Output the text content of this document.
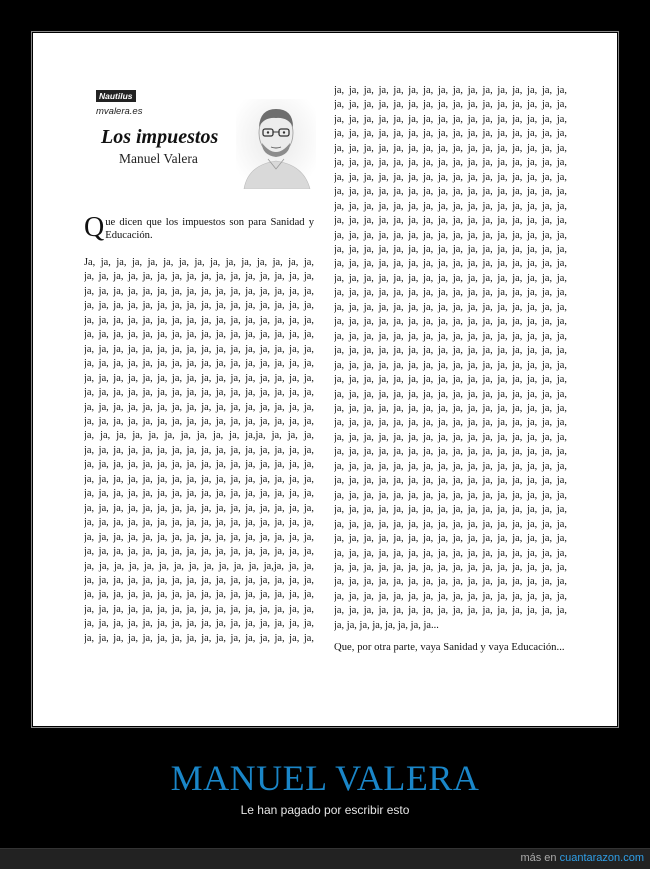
Nautilus
mvalera.es
Los impuestos
Manuel Valera
Que dicen que los impuestos son para Sanidad y Educación.
Ja, ja, ja, ja, ja, ja, ja, ja, ja, ja, ja, ja, ja, ja, ja,
ja, ja, ja, ja, ja, ja, ja, ja, ja, ja, ja, ja, ja, ja, ja, ja,
ja, ja, ja, ja, ja, ja, ja, ja, ja, ja, ja, ja, ja, ja, ja, ja,
ja, ja, ja, ja, ja, ja, ja, ja, ja, ja, ja, ja, ja, ja, ja, ja,
ja, ja, ja, ja, ja, ja, ja, ja, ja, ja, ja, ja, ja, ja, ja, ja,
ja, ja, ja, ja, ja, ja, ja, ja, ja, ja, ja, ja, ja, ja, ja, ja,
ja, ja, ja, ja, ja, ja, ja, ja, ja, ja, ja, ja, ja, ja, ja, ja,
ja, ja, ja, ja, ja, ja, ja, ja, ja, ja, ja, ja, ja, ja, ja, ja,
ja, ja, ja, ja, ja, ja, ja, ja, ja, ja, ja, ja, ja, ja, ja, ja,
ja, ja, ja, ja, ja, ja, ja, ja, ja, ja, ja, ja, ja, ja, ja, ja,
ja, ja, ja, ja, ja, ja, ja, ja, ja, ja, ja, ja, ja, ja, ja, ja,
ja, ja, ja, ja, ja, ja, ja, ja, ja, ja, ja, ja, ja, ja, ja, ja,
ja, ja, ja, ja, ja, ja, ja, ja, ja, ja, ja,ja, ja, ja, ja,
ja, ja, ja, ja, ja, ja, ja, ja, ja, ja, ja, ja, ja, ja, ja, ja,
ja, ja, ja, ja, ja, ja, ja, ja, ja, ja, ja, ja, ja, ja, ja, ja,
ja, ja, ja, ja, ja, ja, ja, ja, ja, ja, ja, ja, ja, ja, ja, ja,
ja, ja, ja, ja, ja, ja, ja, ja, ja, ja, ja, ja, ja, ja, ja, ja,
ja, ja, ja, ja, ja, ja, ja, ja, ja, ja, ja, ja, ja, ja, ja, ja,
ja, ja, ja, ja, ja, ja, ja, ja, ja, ja, ja, ja, ja, ja, ja, ja,
ja, ja, ja, ja, ja, ja, ja, ja, ja, ja, ja, ja, ja, ja, ja, ja,
ja, ja, ja, ja, ja, ja, ja, ja, ja, ja, ja, ja, ja, ja, ja, ja,
ja, ja, ja, ja, ja, ja, ja, ja, ja, ja, ja, ja, ja,ja, ja, ja,
ja, ja, ja, ja, ja, ja, ja, ja, ja, ja, ja, ja, ja, ja, ja, ja,
ja, ja, ja, ja, ja, ja, ja, ja, ja, ja, ja, ja, ja, ja, ja, ja,
ja, ja, ja, ja, ja, ja, ja, ja, ja, ja, ja, ja, ja, ja, ja, ja,
ja, ja, ja, ja, ja, ja, ja, ja, ja, ja, ja, ja, ja, ja, ja, ja,
ja, ja, ja, ja, ja, ja, ja, ja, ja, ja, ja, ja, ja, ja, ja, ja,
ja, ja, ja, ja, ja, ja, ja, ja, ja, ja, ja, ja, ja, ja, ja, ja,
ja, ja, ja, ja, ja, ja, ja, ja, ja, ja, ja, ja, ja, ja, ja, ja,
ja, ja, ja, ja, ja, ja, ja, ja, ja, ja, ja, ja, ja, ja, ja, ja,
ja, ja, ja, ja, ja, ja, ja, ja, ja, ja, ja, ja, ja, ja, ja, ja,
ja, ja, ja, ja, ja, ja, ja, ja, ja, ja, ja, ja, ja, ja, ja, ja,
ja, ja, ja, ja, ja, ja, ja, ja, ja, ja, ja, ja, ja, ja, ja, ja,
ja, ja, ja, ja, ja, ja, ja, ja, ja, ja, ja, ja, ja, ja, ja, ja,
ja, ja, ja, ja, ja, ja, ja, ja, ja, ja, ja, ja, ja, ja, ja, ja,
ja, ja, ja, ja, ja, ja, ja, ja, ja, ja, ja, ja, ja, ja, ja, ja,
ja, ja, ja, ja, ja, ja, ja, ja, ja, ja, ja, ja, ja, ja, ja, ja,
ja, ja, ja, ja, ja, ja, ja, ja, ja, ja, ja, ja, ja, ja, ja, ja,
ja, ja, ja, ja, ja, ja, ja, ja, ja, ja, ja, ja, ja, ja, ja, ja,
ja, ja, ja, ja, ja, ja, ja, ja, ja, ja, ja, ja, ja, ja, ja, ja,
ja, ja, ja, ja, ja, ja, ja, ja, ja, ja, ja, ja, ja, ja, ja, ja,
ja, ja, ja, ja, ja, ja, ja, ja, ja, ja, ja, ja, ja, ja, ja, ja,
ja, ja, ja, ja, ja, ja, ja, ja, ja, ja, ja, ja, ja, ja, ja, ja,
ja, ja, ja, ja, ja, ja, ja, ja, ja, ja, ja, ja, ja, ja, ja, ja,
ja, ja, ja, ja, ja, ja, ja, ja, ja, ja, ja, ja, ja, ja, ja, ja,
ja, ja, ja, ja, ja, ja, ja, ja, ja, ja, ja, ja, ja, ja, ja, ja,
ja, ja, ja, ja, ja, ja, ja, ja, ja, ja, ja, ja, ja, ja, ja, ja,
ja, ja, ja, ja, ja, ja, ja, ja, ja, ja, ja, ja, ja, ja, ja, ja,
ja, ja, ja, ja, ja, ja, ja, ja, ja, ja, ja, ja, ja, ja, ja, ja,
ja, ja, ja, ja, ja, ja, ja, ja, ja, ja, ja, ja, ja, ja, ja, ja,
ja, ja, ja, ja, ja, ja, ja, ja, ja, ja, ja, ja, ja, ja, ja, ja,
ja, ja, ja, ja, ja, ja, ja, ja, ja, ja, ja, ja, ja, ja, ja, ja,
ja, ja, ja, ja, ja, ja, ja, ja, ja, ja, ja, ja, ja, ja, ja, ja,
ja, ja, ja, ja, ja, ja, ja, ja, ja, ja, ja, ja, ja, ja, ja, ja,
ja, ja, ja, ja, ja, ja, ja, ja, ja, ja, ja, ja, ja, ja, ja, ja,
ja, ja, ja, ja, ja, ja, ja, ja, ja, ja, ja, ja, ja, ja, ja, ja,
ja, ja, ja, ja, ja, ja, ja, ja, ja, ja, ja, ja, ja, ja, ja, ja,
ja, ja, ja, ja, ja, ja, ja, ja, ja, ja, ja, ja, ja, ja, ja, ja,
ja, ja, ja, ja, ja, ja, ja, ja, ja, ja, ja, ja, ja, ja, ja, ja,
ja, ja, ja, ja, ja, ja, ja, ja, ja, ja, ja, ja, ja, ja, ja, ja,
ja, ja, ja, ja, ja, ja, ja, ja, ja, ja, ja, ja, ja, ja, ja, ja,
ja, ja, ja, ja, ja, ja, ja, ja, ja, ja, ja, ja, ja, ja, ja, ja,
ja, ja, ja, ja, ja, ja, ja, ja, ja, ja, ja, ja, ja, ja, ja, ja,
ja, ja, ja, ja, ja, ja, ja, ja, ja, ja, ja, ja, ja, ja, ja, ja,
ja, ja, ja, ja, ja, ja, ja, ja...
Que, por otra parte, vaya Sanidad y vaya Educación...
MANUEL VALERA
Le han pagado por escribir esto
más en cuantarazon.com
